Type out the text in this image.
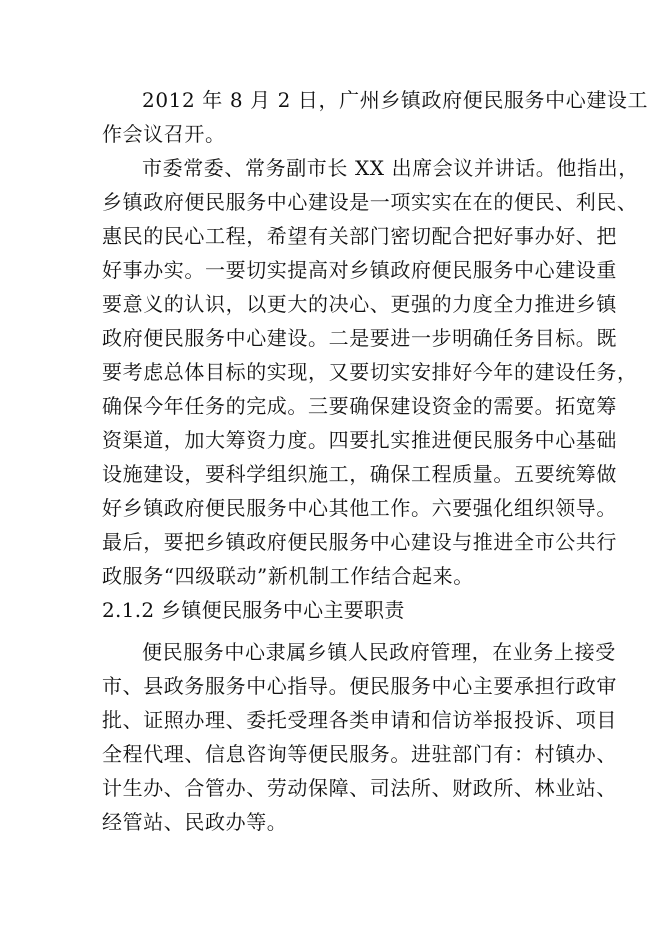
2012 年 8 月 2 日，广州乡镇政府便民服务中心建设工
作会议召开。
市委常委、常务副市长 XX 出席会议并讲话。他指出，
乡镇政府便民服务中心建设是一项实实在在的便民、利民、
惠民的民心工程，希望有关部门密切配合把好事办好、把
好事办实。一要切实提高对乡镇政府便民服务中心建设重
要意义的认识，以更大的决心、更强的力度全力推进乡镇
政府便民服务中心建设。二是要进一步明确任务目标。既
要考虑总体目标的实现，又要切实安排好今年的建设任务，
确保今年任务的完成。三要确保建设资金的需要。拓宽筹
资渠道，加大筹资力度。四要扎实推进便民服务中心基础
设施建设，要科学组织施工，确保工程质量。五要统筹做
好乡镇政府便民服务中心其他工作。六要强化组织领导。
最后，要把乡镇政府便民服务中心建设与推进全市公共行
政服务“四级联动”新机制工作结合起来。
2.1.2 乡镇便民服务中心主要职责
便民服务中心隶属乡镇人民政府管理，在业务上接受
市、县政务服务中心指导。便民服务中心主要承担行政审
批、证照办理、委托受理各类申请和信访举报投诉、项目
全程代理、信息咨询等便民服务。进驻部门有：村镇办、
计生办、合管办、劳动保障、司法所、财政所、林业站、
经管站、民政办等。
